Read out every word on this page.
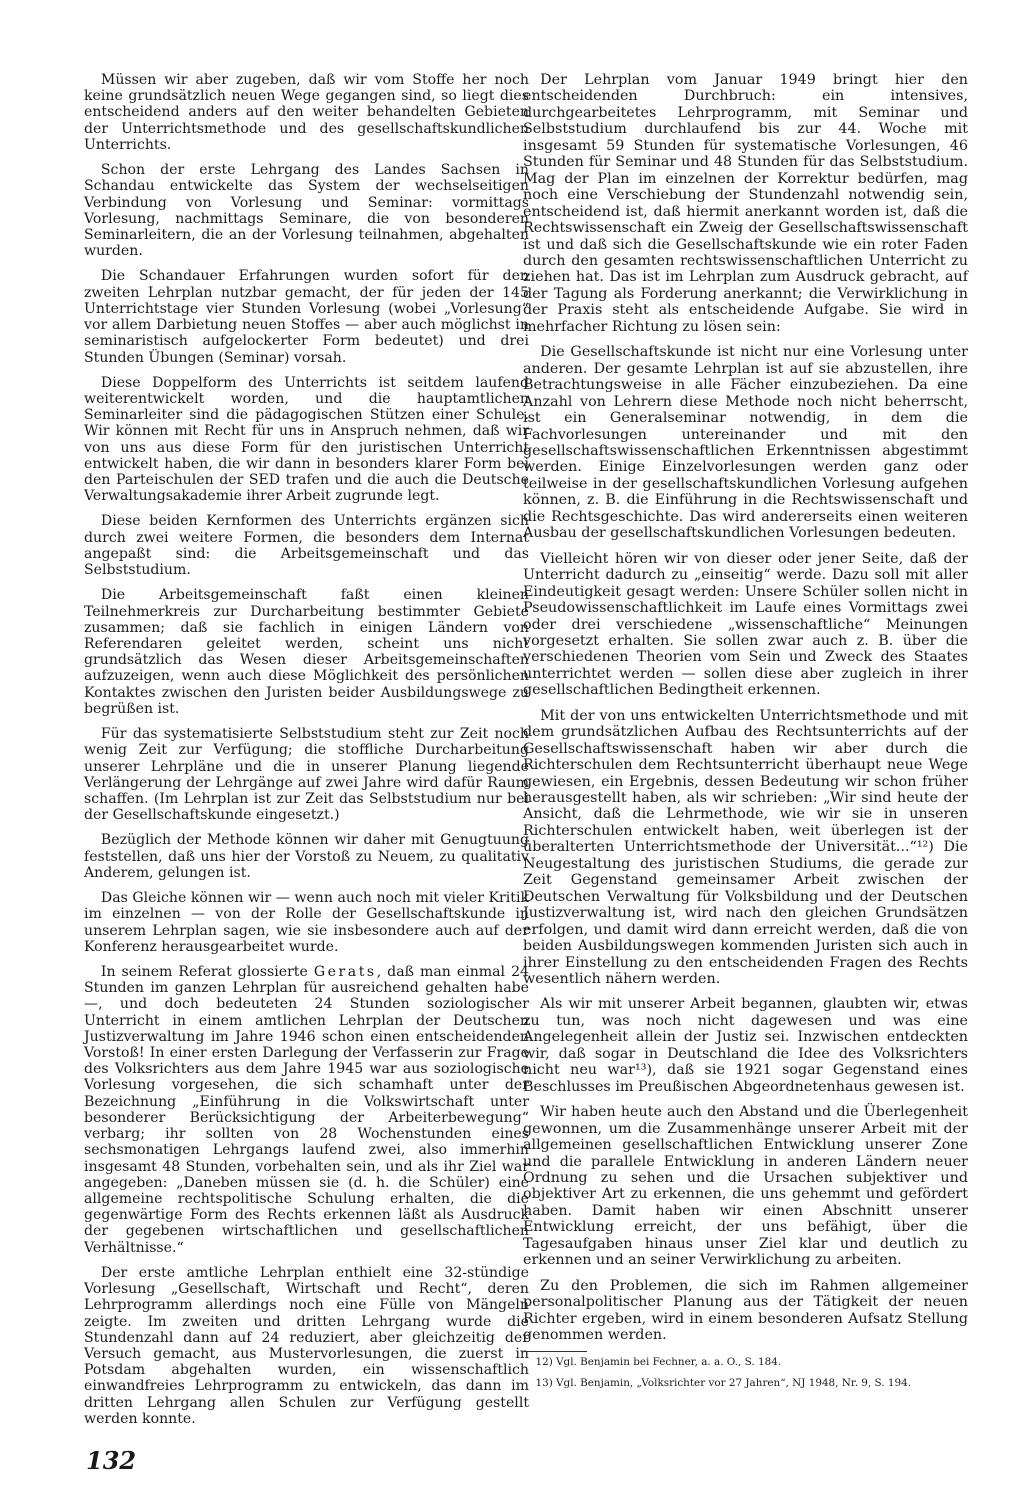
Müssen wir aber zugeben, daß wir vom Stoffe her noch keine grundsätzlich neuen Wege gegangen sind, so liegt dies entscheidend anders auf den weiter behandelten Gebieten der Unterrichtsmethode und des gesellschaftskundlichen Unterrichts.

Schon der erste Lehrgang des Landes Sachsen in Schandau entwickelte das System der wechselseitigen Verbindung von Vorlesung und Seminar: vormittags Vorlesung, nachmittags Seminare, die von besonderen Seminarleitern, die an der Vorlesung teilnahmen, abgehalten wurden.

Die Schandauer Erfahrungen wurden sofort für den zweiten Lehrplan nutzbar gemacht, der für jeden der 145 Unterrichtstage vier Stunden Vorlesung (wobei „Vorlesung“ vor allem Darbietung neuen Stoffes — aber auch möglichst in seminaristisch aufgelockerter Form bedeutet) und drei Stunden Übungen (Seminar) vorsah.

Diese Doppelform des Unterrichts ist seitdem laufend weiterentwickelt worden, und die hauptamtlichen Seminarleiter sind die pädagogischen Stützen einer Schule. Wir können mit Recht für uns in Anspruch nehmen, daß wir von uns aus diese Form für den juristischen Unterricht entwickelt haben, die wir dann in besonders klarer Form bei den Parteischulen der SED trafen und die auch die Deutsche Verwaltungsakademie ihrer Arbeit zugrunde legt.

Diese beiden Kernformen des Unterrichts ergänzen sich durch zwei weitere Formen, die besonders dem Internat angepaßt sind: die Arbeitsgemeinschaft und das Selbststudium.

Die Arbeitsgemeinschaft faßt einen kleinen Teilnehmerkreis zur Durcharbeitung bestimmter Gebiete zusammen; daß sie fachlich in einigen Ländern von Referendaren geleitet werden, scheint uns nicht grundsätzlich das Wesen dieser Arbeitsgemeinschaften aufzuzeigen, wenn auch diese Möglichkeit des persönlichen Kontaktes zwischen den Juristen beider Ausbildungswege zu begrüßen ist.

Für das systematisierte Selbststudium steht zur Zeit noch wenig Zeit zur Verfügung; die stoffliche Durcharbeitung unserer Lehrpläne und die in unserer Planung liegende Verlängerung der Lehrgänge auf zwei Jahre wird dafür Raum schaffen. (Im Lehrplan ist zur Zeit das Selbststudium nur bei der Gesellschaftskunde eingesetzt.)

Bezüglich der Methode können wir daher mit Genugtuung feststellen, daß uns hier der Vorstoß zu Neuem, zu qualitativ Anderem, gelungen ist.

Das Gleiche können wir — wenn auch noch mit vieler Kritik im einzelnen — von der Rolle der Gesellschaftskunde in unserem Lehrplan sagen, wie sie insbesondere auch auf der Konferenz herausgearbeitet wurde.

In seinem Referat glossierte Gerats, daß man einmal 24 Stunden im ganzen Lehrplan für ausreichend gehalten habe —, und doch bedeuteten 24 Stunden soziologischer Unterricht in einem amtlichen Lehrplan der Deutschen Justizverwaltung im Jahre 1946 schon einen entscheidenden Vorstoß! In einer ersten Darlegung der Verfasserin zur Frage des Volksrichters aus dem Jahre 1945 war aus soziologische Vorlesung vorgesehen, die sich schamhaft unter der Bezeichnung „Einführung in die Volkswirtschaft unter besonderer Berücksichtigung der Arbeiterbewegung“ verbarg; ihr sollten von 28 Wochenstunden eines sechsmonatigen Lehrgangs laufend zwei, also immerhin insgesamt 48 Stunden, vorbehalten sein, und als ihr Ziel war angegeben: „Daneben müssen sie (d. h. die Schüler) eine allgemeine rechtspolitische Schulung erhalten, die die gegenwärtige Form des Rechts erkennen läßt als Ausdruck der gegebenen wirtschaftlichen und gesellschaftlichen Verhältnisse.“

Der erste amtliche Lehrplan enthielt eine 32-stündige Vorlesung „Gesellschaft, Wirtschaft und Recht“, deren Lehrprogramm allerdings noch eine Fülle von Mängeln zeigte. Im zweiten und dritten Lehrgang wurde die Stundenzahl dann auf 24 reduziert, aber gleichzeitig der Versuch gemacht, aus Mustervorlesungen, die zuerst in Potsdam abgehalten wurden, ein wissenschaftlich einwandfreies Lehrprogramm zu entwickeln, das dann im dritten Lehrgang allen Schulen zur Verfügung gestellt werden konnte.

Der Lehrplan vom Januar 1949 bringt hier den entscheidenden Durchbruch: ein intensives, durchgearbeitetes Lehrprogramm, mit Seminar und Selbststudium durchlaufend bis zur 44. Woche mit insgesamt 59 Stunden für systematische Vorlesungen, 46 Stunden für Seminar und 48 Stunden für das Selbststudium. Mag der Plan im einzelnen der Korrektur bedürfen, mag noch eine Verschiebung der Stundenzahl notwendig sein, entscheidend ist, daß hiermit anerkannt worden ist, daß die Rechtswissenschaft ein Zweig der Gesellschaftswissenschaft ist und daß sich die Gesellschaftskunde wie ein roter Faden durch den gesamten rechtswissenschaftlichen Unterricht zu ziehen hat. Das ist im Lehrplan zum Ausdruck gebracht, auf der Tagung als Forderung anerkannt; die Verwirklichung in der Praxis steht als entscheidende Aufgabe. Sie wird in mehrfacher Richtung zu lösen sein:

Die Gesellschaftskunde ist nicht nur eine Vorlesung unter anderen. Der gesamte Lehrplan ist auf sie abzustellen, ihre Betrachtungsweise in alle Fächer einzubeziehen. Da eine Anzahl von Lehrern diese Methode noch nicht beherrscht, ist ein Generalseminar notwendig, in dem die Fachvorlesungen untereinander und mit den gesellschaftswissenschaftlichen Erkenntnissen abgestimmt werden. Einige Einzelvorlesungen werden ganz oder teilweise in der gesellschaftskundlichen Vorlesung aufgehen können, z. B. die Einführung in die Rechtswissenschaft und die Rechtsgeschichte. Das wird andererseits einen weiteren Ausbau der gesellschaftskundlichen Vorlesungen bedeuten.

Vielleicht hören wir von dieser oder jener Seite, daß der Unterricht dadurch zu „einseitig“ werde. Dazu soll mit aller Eindeutigkeit gesagt werden: Unsere Schüler sollen nicht in Pseudowissenschaftlichkeit im Laufe eines Vormittags zwei oder drei verschiedene „wissenschaftliche“ Meinungen vorgesetzt erhalten. Sie sollen zwar auch z. B. über die verschiedenen Theorien vom Sein und Zweck des Staates unterrichtet werden — sollen diese aber zugleich in ihrer gesellschaftlichen Bedingtheit erkennen.

Mit der von uns entwickelten Unterrichtsmethode und mit dem grundsätzlichen Aufbau des Rechtsunterrichts auf der Gesellschaftswissenschaft haben wir aber durch die Richterschulen dem Rechtsunterricht überhaupt neue Wege gewiesen, ein Ergebnis, dessen Bedeutung wir schon früher herausgestellt haben, als wir schrieben: „Wir sind heute der Ansicht, daß die Lehrmethode, wie wir sie in unseren Richterschulen entwickelt haben, weit überlegen ist der überalterten Unterrichtsmethode der Universität...“¹²) Die Neugestaltung des juristischen Studiums, die gerade zur Zeit Gegenstand gemeinsamer Arbeit zwischen der Deutschen Verwaltung für Volksbildung und der Deutschen Justizverwaltung ist, wird nach den gleichen Grundsätzen erfolgen, und damit wird dann erreicht werden, daß die von beiden Ausbildungswegen kommenden Juristen sich auch in ihrer Einstellung zu den entscheidenden Fragen des Rechts wesentlich nähern werden.

Als wir mit unserer Arbeit begannen, glaubten wir, etwas zu tun, was noch nicht dagewesen und was eine Angelegenheit allein der Justiz sei. Inzwischen entdeckten wir, daß sogar in Deutschland die Idee des Volksrichters nicht neu war¹³), daß sie 1921 sogar Gegenstand eines Beschlusses im Preußischen Abgeordnetenhaus gewesen ist.

Wir haben heute auch den Abstand und die Überlegenheit gewonnen, um die Zusammenhänge unserer Arbeit mit der allgemeinen gesellschaftlichen Entwicklung unserer Zone und die parallele Entwicklung in anderen Ländern neuer Ordnung zu sehen und die Ursachen subjektiver und objektiver Art zu erkennen, die uns gehemmt und gefördert haben. Damit haben wir einen Abschnitt unserer Entwicklung erreicht, der uns befähigt, über die Tagesaufgaben hinaus unser Ziel klar und deutlich zu erkennen und an seiner Verwirklichung zu arbeiten.

Zu den Problemen, die sich im Rahmen allgemeiner personalpolitischer Planung aus der Tätigkeit der neuen Richter ergeben, wird in einem besonderen Aufsatz Stellung genommen werden.

12) Vgl. Benjamin bei Fechner, a. a. O., S. 184.

13) Vgl. Benjamin, „Volksrichter vor 27 Jahren“, NJ 1948, Nr. 9, S. 194.

132
